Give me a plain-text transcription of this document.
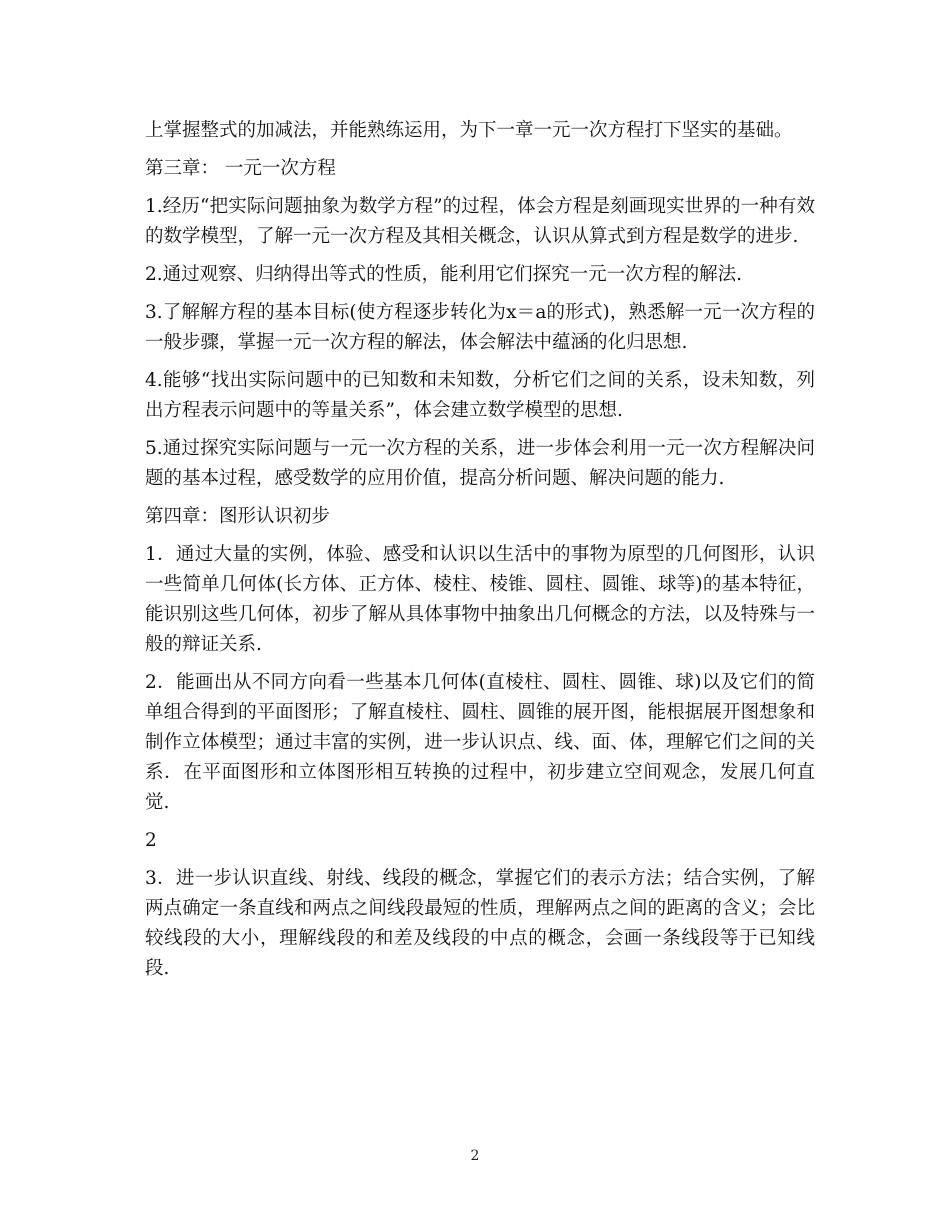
上掌握整式的加减法，并能熟练运用，为下一章一元一次方程打下坚实的基础。

第三章： 一元一次方程

1.经历“把实际问题抽象为数学方程”的过程，体会方程是刻画现实世界的一种有效的数学模型，了解一元一次方程及其相关概念，认识从算式到方程是数学的进步.

2.通过观察、归纳得出等式的性质，能利用它们探究一元一次方程的解法.

3.了解解方程的基本目标(使方程逐步转化为x＝a的形式)，熟悉解一元一次方程的一般步骤，掌握一元一次方程的解法，体会解法中蕴涵的化归思想.

4.能够“找出实际问题中的已知数和未知数，分析它们之间的关系，设未知数，列出方程表示问题中的等量关系”，体会建立数学模型的思想.

5.通过探究实际问题与一元一次方程的关系，进一步体会利用一元一次方程解决问题的基本过程，感受数学的应用价值，提高分析问题、解决问题的能力.

第四章：图形认识初步

1．通过大量的实例，体验、感受和认识以生活中的事物为原型的几何图形，认识一些简单几何体(长方体、正方体、棱柱、棱锥、圆柱、圆锥、球等)的基本特征，能识别这些几何体，初步了解从具体事物中抽象出几何概念的方法，以及特殊与一般的辩证关系.

2．能画出从不同方向看一些基本几何体(直棱柱、圆柱、圆锥、球)以及它们的简单组合得到的平面图形；了解直棱柱、圆柱、圆锥的展开图，能根据展开图想象和制作立体模型；通过丰富的实例，进一步认识点、线、面、体，理解它们之间的关系．在平面图形和立体图形相互转换的过程中，初步建立空间观念，发展几何直觉.

2

3．进一步认识直线、射线、线段的概念，掌握它们的表示方法；结合实例，了解两点确定一条直线和两点之间线段最短的性质，理解两点之间的距离的含义；会比较线段的大小，理解线段的和差及线段的中点的概念，会画一条线段等于已知线段.

2
